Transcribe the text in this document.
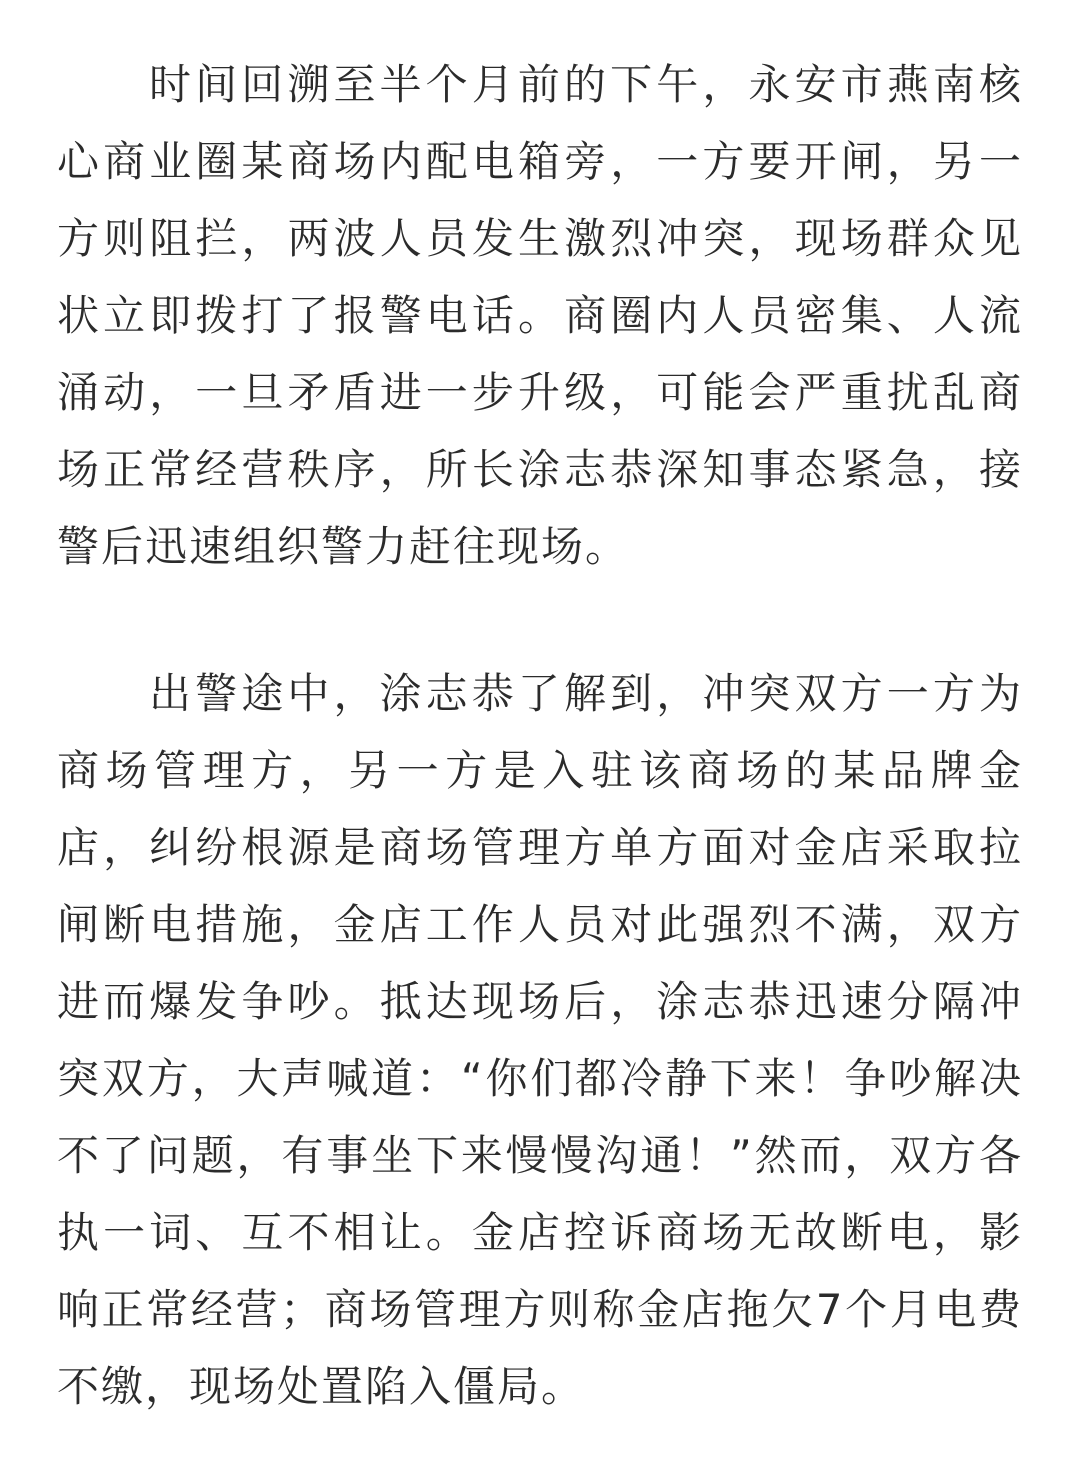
时间回溯至半个月前的下午，永安市燕南核心商业圈某商场内配电箱旁，一方要开闸，另一方则阻拦，两波人员发生激烈冲突，现场群众见状立即拨打了报警电话。商圈内人员密集、人流涌动，一旦矛盾进一步升级，可能会严重扰乱商场正常经营秩序，所长涂志恭深知事态紧急，接警后迅速组织警力赶往现场。

出警途中，涂志恭了解到，冲突双方一方为商场管理方，另一方是入驻该商场的某品牌金店，纠纷根源是商场管理方单方面对金店采取拉闸断电措施，金店工作人员对此强烈不满，双方进而爆发争吵。抵达现场后，涂志恭迅速分隔冲突双方，大声喊道：“你们都冷静下来！争吵解决不了问题，有事坐下来慢慢沟通！”然而，双方各执一词、互不相让。金店控诉商场无故断电，影响正常经营；商场管理方则称金店拖欠7个月电费不缴，现场处置陷入僵局。
